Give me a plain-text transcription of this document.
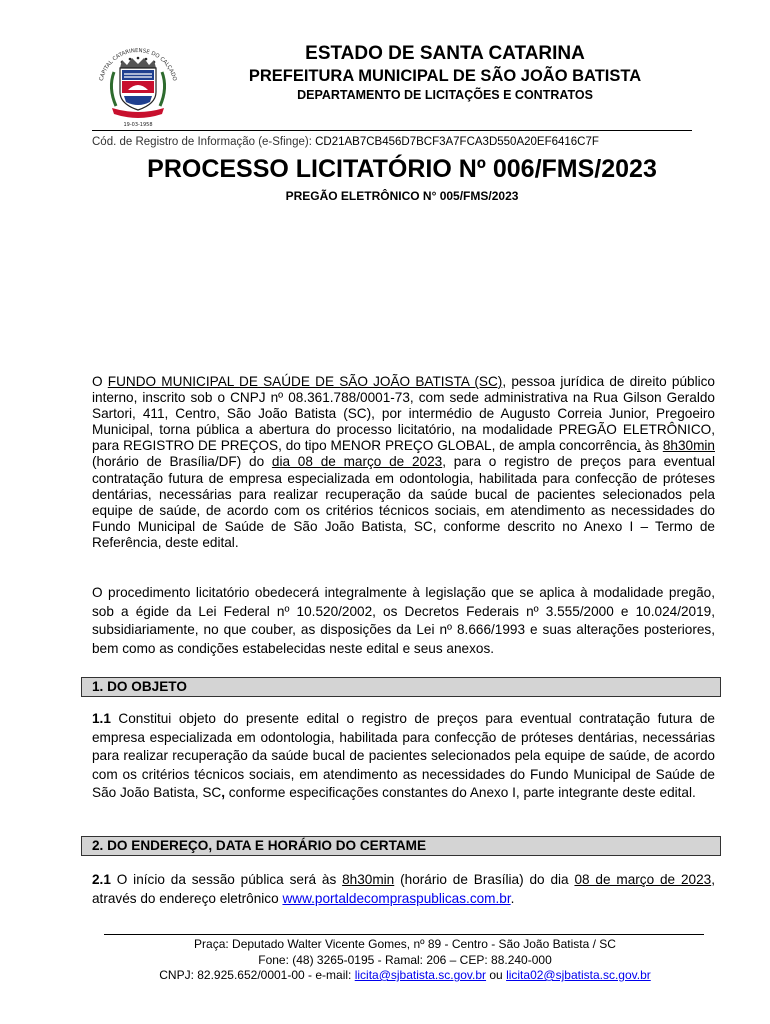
CAPITAL CATARINENSE DO CALÇADO
19-03-1958
ESTADO DE SANTA CATARINA
PREFEITURA MUNICIPAL DE SÃO JOÃO BATISTA
DEPARTAMENTO DE LICITAÇÕES E CONTRATOS
Cód. de Registro de Informação (e-Sfinge): CD21AB7CB456D7BCF3A7FCA3D550A20EF6416C7F
PROCESSO LICITATÓRIO Nº 006/FMS/2023
PREGÃO ELETRÔNICO N° 005/FMS/2023
O FUNDO MUNICIPAL DE SAÚDE DE SÃO JOÃO BATISTA (SC), pessoa jurídica de direito público interno, inscrito sob o CNPJ nº 08.361.788/0001-73, com sede administrativa na Rua Gilson Geraldo Sartori, 411, Centro, São João Batista (SC), por intermédio de Augusto Correia Junior, Pregoeiro Municipal, torna pública a abertura do processo licitatório, na modalidade PREGÃO ELETRÔNICO, para REGISTRO DE PREÇOS, do tipo MENOR PREÇO GLOBAL, de ampla concorrência, às 8h30min (horário de Brasília/DF) do dia 08 de março de 2023, para o registro de preços para eventual contratação futura de empresa especializada em odontologia, habilitada para confecção de próteses dentárias, necessárias para realizar recuperação da saúde bucal de pacientes selecionados pela equipe de saúde, de acordo com os critérios técnicos sociais, em atendimento as necessidades do Fundo Municipal de Saúde de São João Batista, SC, conforme descrito no Anexo I – Termo de Referência, deste edital.
O procedimento licitatório obedecerá integralmente à legislação que se aplica à modalidade pregão, sob a égide da Lei Federal nº 10.520/2002, os Decretos Federais nº 3.555/2000 e 10.024/2019, subsidiariamente, no que couber, as disposições da Lei nº 8.666/1993 e suas alterações posteriores, bem como as condições estabelecidas neste edital e seus anexos.
1. DO OBJETO
1.1 Constitui objeto do presente edital o registro de preços para eventual contratação futura de empresa especializada em odontologia, habilitada para confecção de próteses dentárias, necessárias para realizar recuperação da saúde bucal de pacientes selecionados pela equipe de saúde, de acordo com os critérios técnicos sociais, em atendimento as necessidades do Fundo Municipal de Saúde de São João Batista, SC, conforme especificações constantes do Anexo I, parte integrante deste edital.
2. DO ENDEREÇO, DATA E HORÁRIO DO CERTAME
2.1 O início da sessão pública será às 8h30min (horário de Brasília) do dia 08 de março de 2023, através do endereço eletrônico www.portaldecompraspublicas.com.br.
Praça: Deputado Walter Vicente Gomes, nº 89 - Centro - São João Batista / SC
Fone: (48) 3265-0195 - Ramal: 206 – CEP: 88.240-000
CNPJ: 82.925.652/0001-00 - e-mail: licita@sjbatista.sc.gov.br ou licita02@sjbatista.sc.gov.br
